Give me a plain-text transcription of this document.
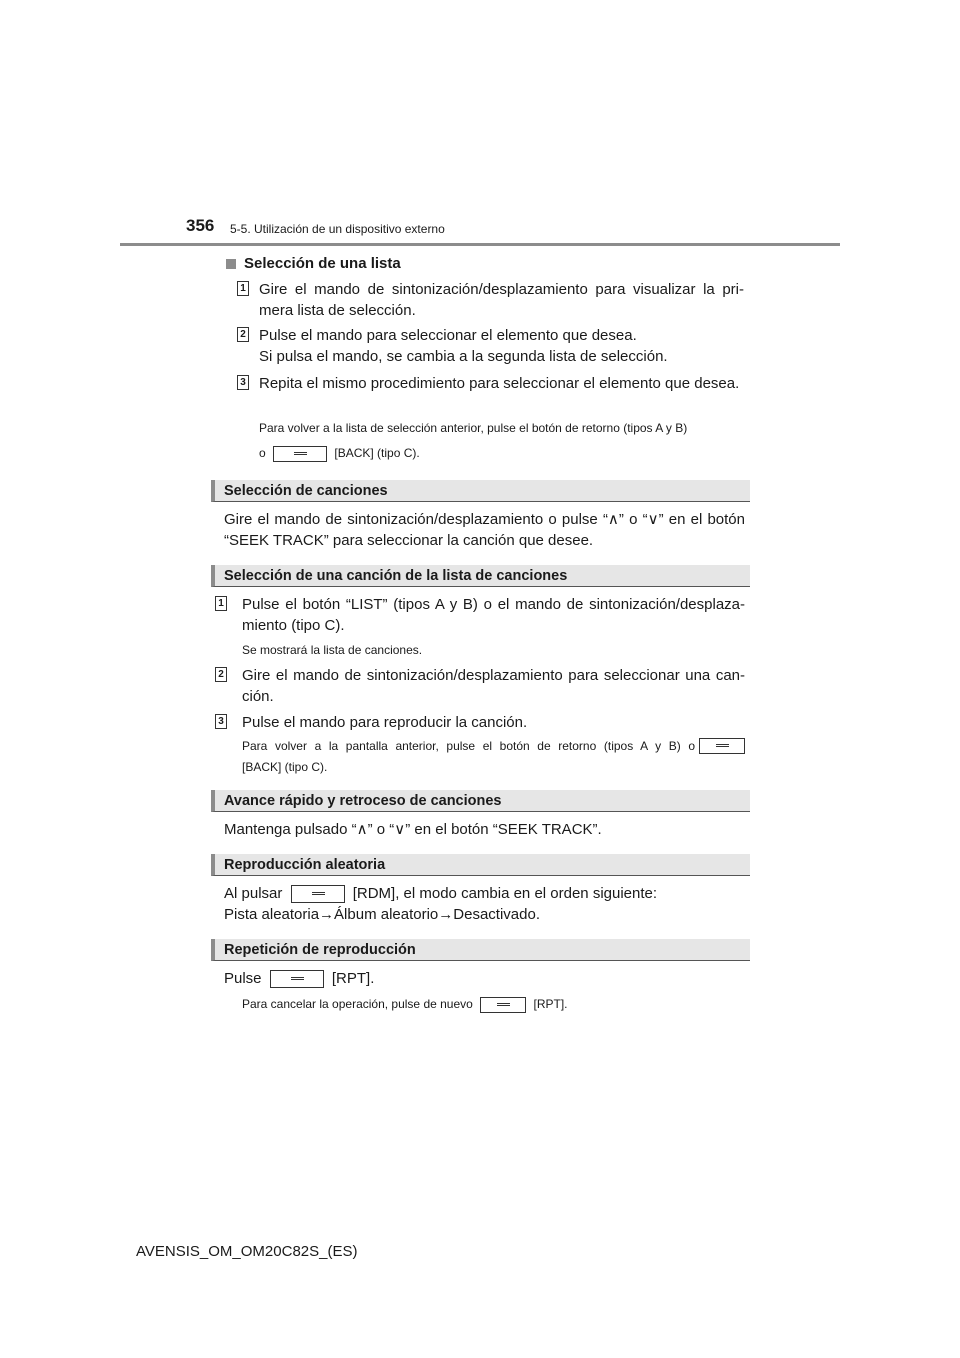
356 5-5. Utilización de un dispositivo externo
Selección de una lista
1 Gire el mando de sintonización/desplazamiento para visualizar la pri-mera lista de selección.
2 Pulse el mando para seleccionar el elemento que desea.
Si pulsa el mando, se cambia a la segunda lista de selección.
3 Repita el mismo procedimiento para seleccionar el elemento que desea.
Para volver a la lista de selección anterior, pulse el botón de retorno (tipos A y B)
o	[BACK] (tipo C).
Selección de canciones
Gire el mando de sintonización/desplazamiento o pulse “∧” o “∨” en el botón “SEEK TRACK” para seleccionar la canción que desee.
Selección de una canción de la lista de canciones
1 Pulse el botón “LIST” (tipos A y B) o el mando de sintonización/desplaza-miento (tipo C).
Se mostrará la lista de canciones.
2 Gire el mando de sintonización/desplazamiento para seleccionar una can-ción.
3 Pulse el mando para reproducir la canción.
Para volver a la pantalla anterior, pulse el botón de retorno (tipos A y B) o
[BACK] (tipo C).
Avance rápido y retroceso de canciones
Mantenga pulsado “∧” o “∨” en el botón “SEEK TRACK”.
Reproducción aleatoria
Al pulsar	[RDM], el modo cambia en el orden siguiente:
Pista aleatoria→Álbum aleatorio→Desactivado.
Repetición de reproducción
Pulse	[RPT].
Para cancelar la operación, pulse de nuevo	[RPT].
AVENSIS_OM_OM20C82S_(ES)
